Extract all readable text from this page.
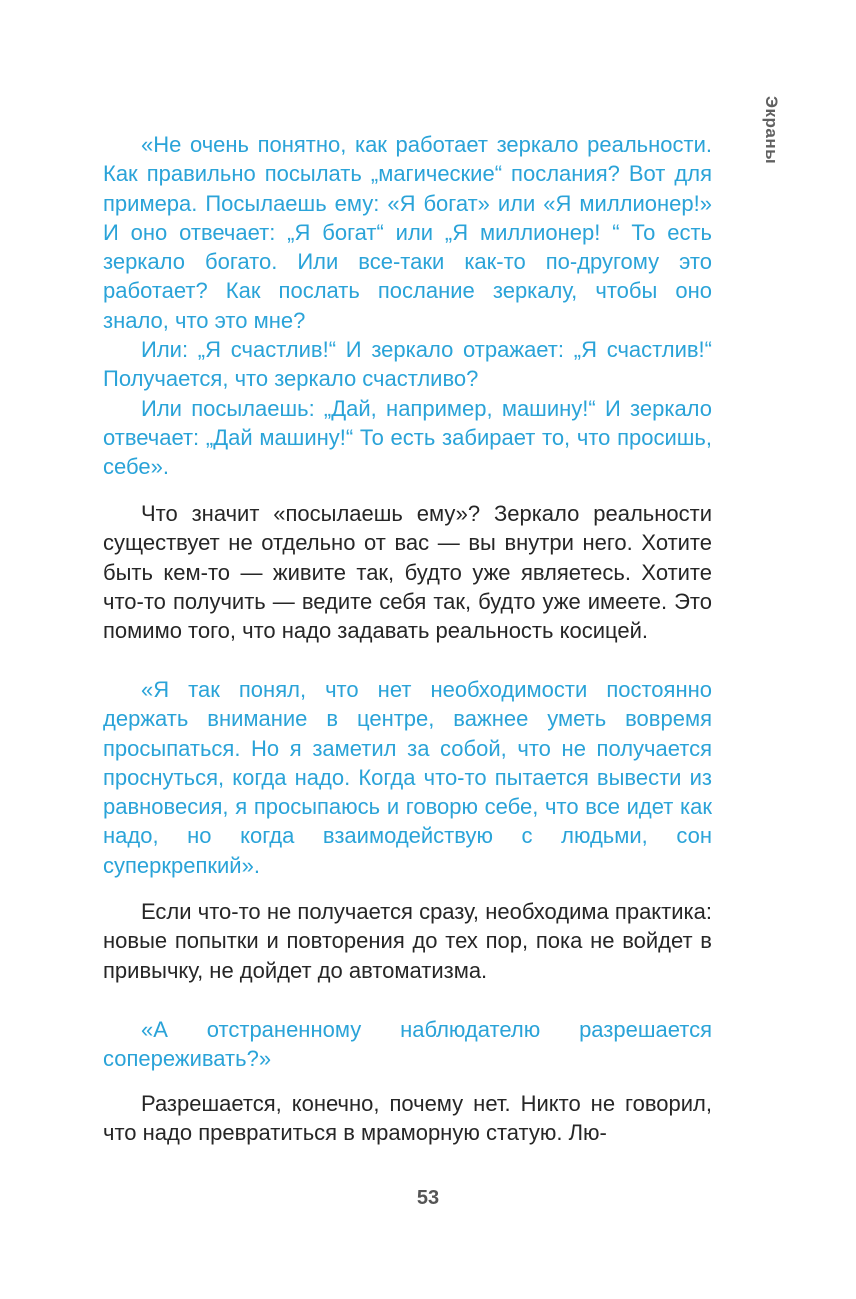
Экраны

«Не очень понятно, как работает зеркало реальности. Как правильно посылать „магические“ послания? Вот для примера. Посылаешь ему: «Я богат» или «Я миллионер!» И оно отвечает: „Я богат“ или „Я миллионер! “ То есть зеркало богато. Или все-таки как-то по-другому это работает? Как послать послание зеркалу, чтобы оно знало, что это мне?

Или: „Я счастлив!“ И зеркало отражает: „Я счастлив!“ Получается, что зеркало счастливо?

Или посылаешь: „Дай, например, машину!“ И зеркало отвечает: „Дай машину!“ То есть забирает то, что просишь, себе».

Что значит «посылаешь ему»? Зеркало реальности существует не отдельно от вас — вы внутри него. Хотите быть кем-то — живите так, будто уже являетесь. Хотите что-то получить — ведите себя так, будто уже имеете. Это помимо того, что надо задавать реальность косицей.

«Я так понял, что нет необходимости постоянно держать внимание в центре, важнее уметь вовремя просыпаться. Но я заметил за собой, что не получается проснуться, когда надо. Когда что-то пытается вывести из равновесия, я просыпаюсь и говорю себе, что все идет как надо, но когда взаимодействую с людьми, сон суперкрепкий».

Если что-то не получается сразу, необходима практика: новые попытки и повторения до тех пор, пока не войдет в привычку, не дойдет до автоматизма.

«А отстраненному наблюдателю разрешается сопереживать?»

Разрешается, конечно, почему нет. Никто не говорил, что надо превратиться в мраморную статую. Лю-

53
